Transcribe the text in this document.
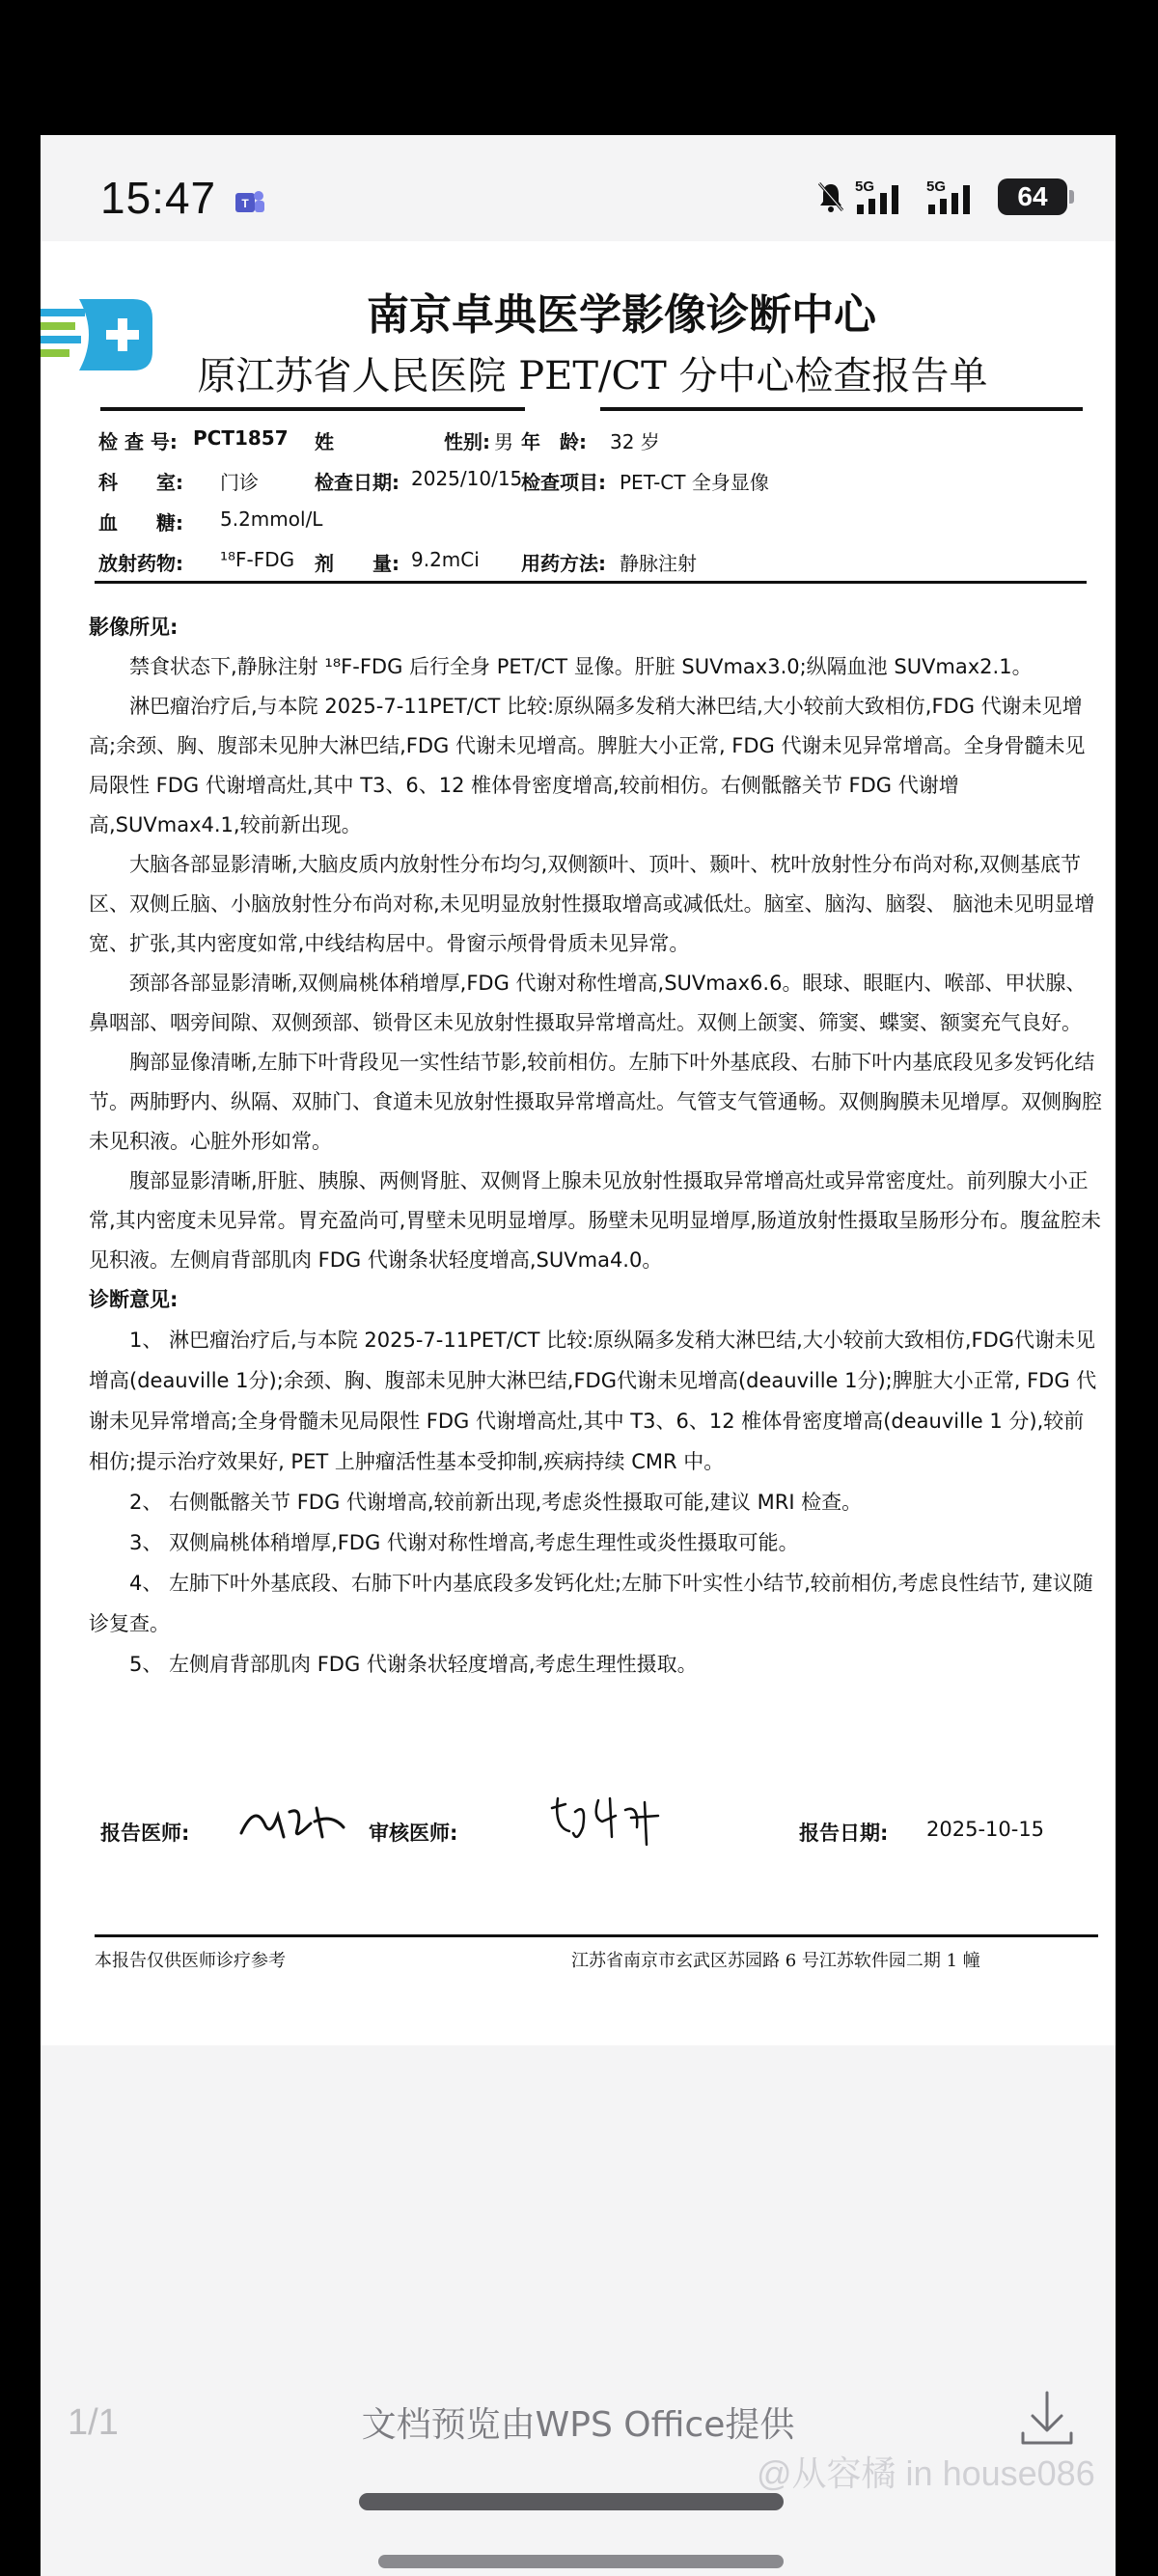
15:47 T
5G	5G	64
南京卓典医学影像诊断中心
原江苏省人民医院 PET/CT 分中心检查报告单
检 查 号: PCT1857 姓	性别: 男 年 龄: 32 岁
科　　室: 门诊	检查日期: 2025/10/15
检查项目: PET-CT 全身显像
血　　糖: 5.2mmol/L
放射药物: ¹⁸F-FDG 剂　　量: 9.2mCi 用药方法: 静脉注射
影像所见:
禁食状态下,静脉注射 ¹⁸F-FDG 后行全身 PET/CT 显像。肝脏 SUVmax3.0;纵隔血池 SUVmax2.1。
淋巴瘤治疗后,与本院 2025-7-11PET/CT 比较:原纵隔多发稍大淋巴结,大小较前大致相仿,FDG 代谢未见增高;余颈、胸、腹部未见肿大淋巴结,FDG 代谢未见增高。脾脏大小正常, FDG 代谢未见异常增高。全身骨髓未见局限性 FDG 代谢增高灶,其中 T3、6、12 椎体骨密度增高,较前相仿。右侧骶髂关节 FDG 代谢增高,SUVmax4.1,较前新出现。
大脑各部显影清晰,大脑皮质内放射性分布均匀,双侧额叶、顶叶、颞叶、枕叶放射性分布尚对称,双侧基底节区、双侧丘脑、小脑放射性分布尚对称,未见明显放射性摄取增高或减低灶。脑室、脑沟、脑裂、 脑池未见明显增宽、扩张,其内密度如常,中线结构居中。骨窗示颅骨骨质未见异常。
颈部各部显影清晰,双侧扁桃体稍增厚,FDG 代谢对称性增高,SUVmax6.6。眼球、眼眶内、喉部、甲状腺、鼻咽部、咽旁间隙、双侧颈部、锁骨区未见放射性摄取异常增高灶。双侧上颌窦、筛窦、蝶窦、额窦充气良好。
胸部显像清晰,左肺下叶背段见一实性结节影,较前相仿。左肺下叶外基底段、右肺下叶内基底段见多发钙化结节。两肺野内、纵隔、双肺门、食道未见放射性摄取异常增高灶。气管支气管通畅。双侧胸膜未见增厚。双侧胸腔未见积液。心脏外形如常。
腹部显影清晰,肝脏、胰腺、两侧肾脏、双侧肾上腺未见放射性摄取异常增高灶或异常密度灶。前列腺大小正常,其内密度未见异常。胃充盈尚可,胃壁未见明显增厚。肠壁未见明显增厚,肠道放射性摄取呈肠形分布。腹盆腔未见积液。左侧肩背部肌肉 FDG 代谢条状轻度增高,SUVma4.0。
诊断意见:
1、 淋巴瘤治疗后,与本院 2025-7-11PET/CT 比较:原纵隔多发稍大淋巴结,大小较前大致相仿,FDG代谢未见增高(deauville 1分);余颈、胸、腹部未见肿大淋巴结,FDG代谢未见增高(deauville 1分);脾脏大小正常, FDG 代谢未见异常增高;全身骨髓未见局限性 FDG 代谢增高灶,其中 T3、6、12 椎体骨密度增高(deauville 1 分),较前相仿;提示治疗效果好, PET 上肿瘤活性基本受抑制,疾病持续 CMR 中。
2、 右侧骶髂关节 FDG 代谢增高,较前新出现,考虑炎性摄取可能,建议 MRI 检查。
3、 双侧扁桃体稍增厚,FDG 代谢对称性增高,考虑生理性或炎性摄取可能。
4、 左肺下叶外基底段、右肺下叶内基底段多发钙化灶;左肺下叶实性小结节,较前相仿,考虑良性结节, 建议随诊复查。
5、 左侧肩背部肌肉 FDG 代谢条状轻度增高,考虑生理性摄取。
报告医师:	审核医师:	报告日期: 2025-10-15
本报告仅供医师诊疗参考	江苏省南京市玄武区苏园路 6 号江苏软件园二期 1 幢
1/1	文档预览由WPS Office提供
@从容橘 in house086
